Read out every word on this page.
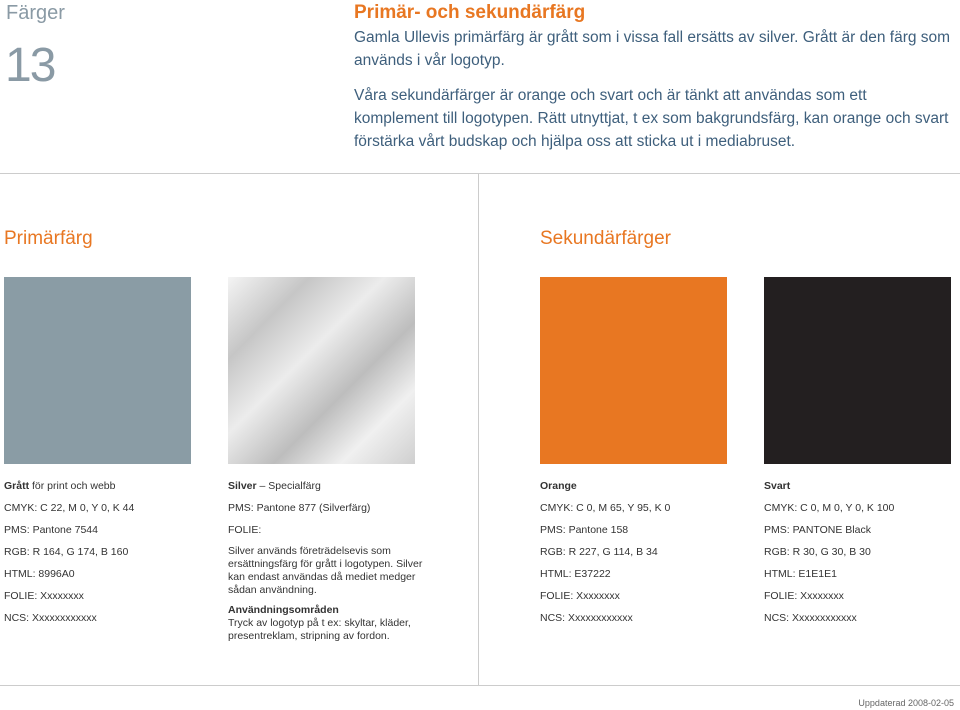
Färger
13
Primär- och sekundärfärg

Gamla Ullevis primärfärg är grått som i vissa fall ersätts av silver. Grått är den färg som används i vår logotyp.

Våra sekundärfärger är orange och svart och är tänkt att användas som ett komplement till logotypen. Rätt utnyttjat, t ex som bakgrundsfärg, kan orange och svart förstärka vårt budskap och hjälpa oss att sticka ut i mediabruset.

Primärfärg	Sekundärfärger
Grått för print och webb
CMYK: C 22, M 0, Y 0, K 44
PMS: Pantone 7544
RGB: R 164, G 174, B 160
HTML: 8996A0
FOLIE: Xxxxxxxx
NCS: Xxxxxxxxxxxx
Silver – Specialfärg
PMS: Pantone 877 (Silverfärg)
FOLIE:
Silver används företrädelsevis som ersättningsfärg för grått i logotypen. Silver kan endast användas då mediet medger sådan användning.
Användningsområden
Tryck av logotyp på t ex: skyltar, kläder, presentreklam, stripning av fordon.
Orange
CMYK: C 0, M 65, Y 95, K 0
PMS: Pantone 158
RGB: R 227, G 114, B 34
HTML: E37222
FOLIE: Xxxxxxxx
NCS: Xxxxxxxxxxxx
Svart
CMYK: C 0, M 0, Y 0, K 100
PMS: PANTONE Black
RGB: R 30, G 30, B 30
HTML: E1E1E1
FOLIE: Xxxxxxxx
NCS: Xxxxxxxxxxxx
Uppdaterad 2008-02-05
